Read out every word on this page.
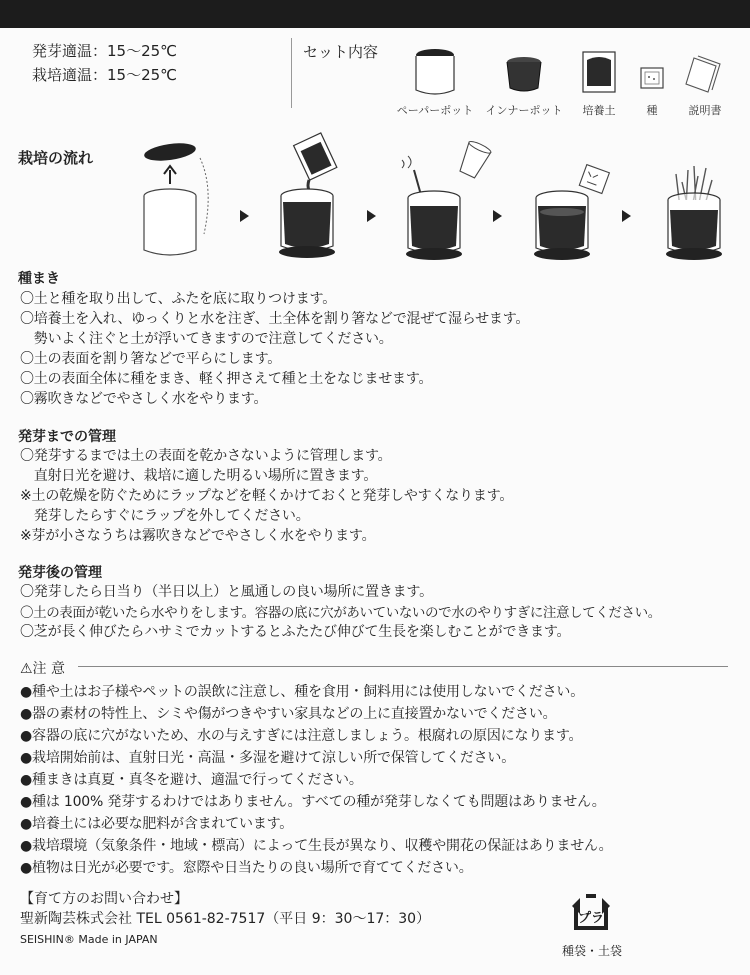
発芽適温：15〜25℃
栽培適温：15〜25℃
セット内容
ペーパーポット インナーポット 培養土	種	説明書
栽培の流れ
種まき
〇土と種を取り出して、ふたを底に取りつけます。
〇培養土を入れ、ゆっくりと水を注ぎ、土全体を割り箸などで混ぜて湿らせます。
　勢いよく注ぐと土が浮いてきますので注意してください。
〇土の表面を割り箸などで平らにします。
〇土の表面全体に種をまき、軽く押さえて種と土をなじませます。
〇霧吹きなどでやさしく水をやります。
発芽までの管理
〇発芽するまでは土の表面を乾かさないように管理します。
　直射日光を避け、栽培に適した明るい場所に置きます。
※土の乾燥を防ぐためにラップなどを軽くかけておくと発芽しやすくなります。
　発芽したらすぐにラップを外してください。
※芽が小さなうちは霧吹きなどでやさしく水をやります。
発芽後の管理
〇発芽したら日当り（半日以上）と風通しの良い場所に置きます。
〇土の表面が乾いたら水やりをします。容器の底に穴があいていないので水のやりすぎに注意してください。
〇芝が長く伸びたらハサミでカットするとふたたび伸びて生長を楽しむことができます。
⚠注 意
●種や土はお子様やペットの誤飲に注意し、種を食用・飼料用には使用しないでください。
●器の素材の特性上、シミや傷がつきやすい家具などの上に直接置かないでください。
●容器の底に穴がないため、水の与えすぎには注意しましょう。根腐れの原因になります。
●栽培開始前は、直射日光・高温・多湿を避けて涼しい所で保管してください。
●種まきは真夏・真冬を避け、適温で行ってください。
●種は 100% 発芽するわけではありません。すべての種が発芽しなくても問題はありません。
●培養土には必要な肥料が含まれています。
●栽培環境（気象条件・地域・標高）によって生長が異なり、収穫や開花の保証はありません。
●植物は日光が必要です。窓際や日当たりの良い場所で育ててください。
【育て方のお問い合わせ】
聖新陶芸株式会社 TEL 0561-82-7517（平日 9：30〜17：30）
SEISHIN® Made in JAPAN
プラ
種袋・土袋
